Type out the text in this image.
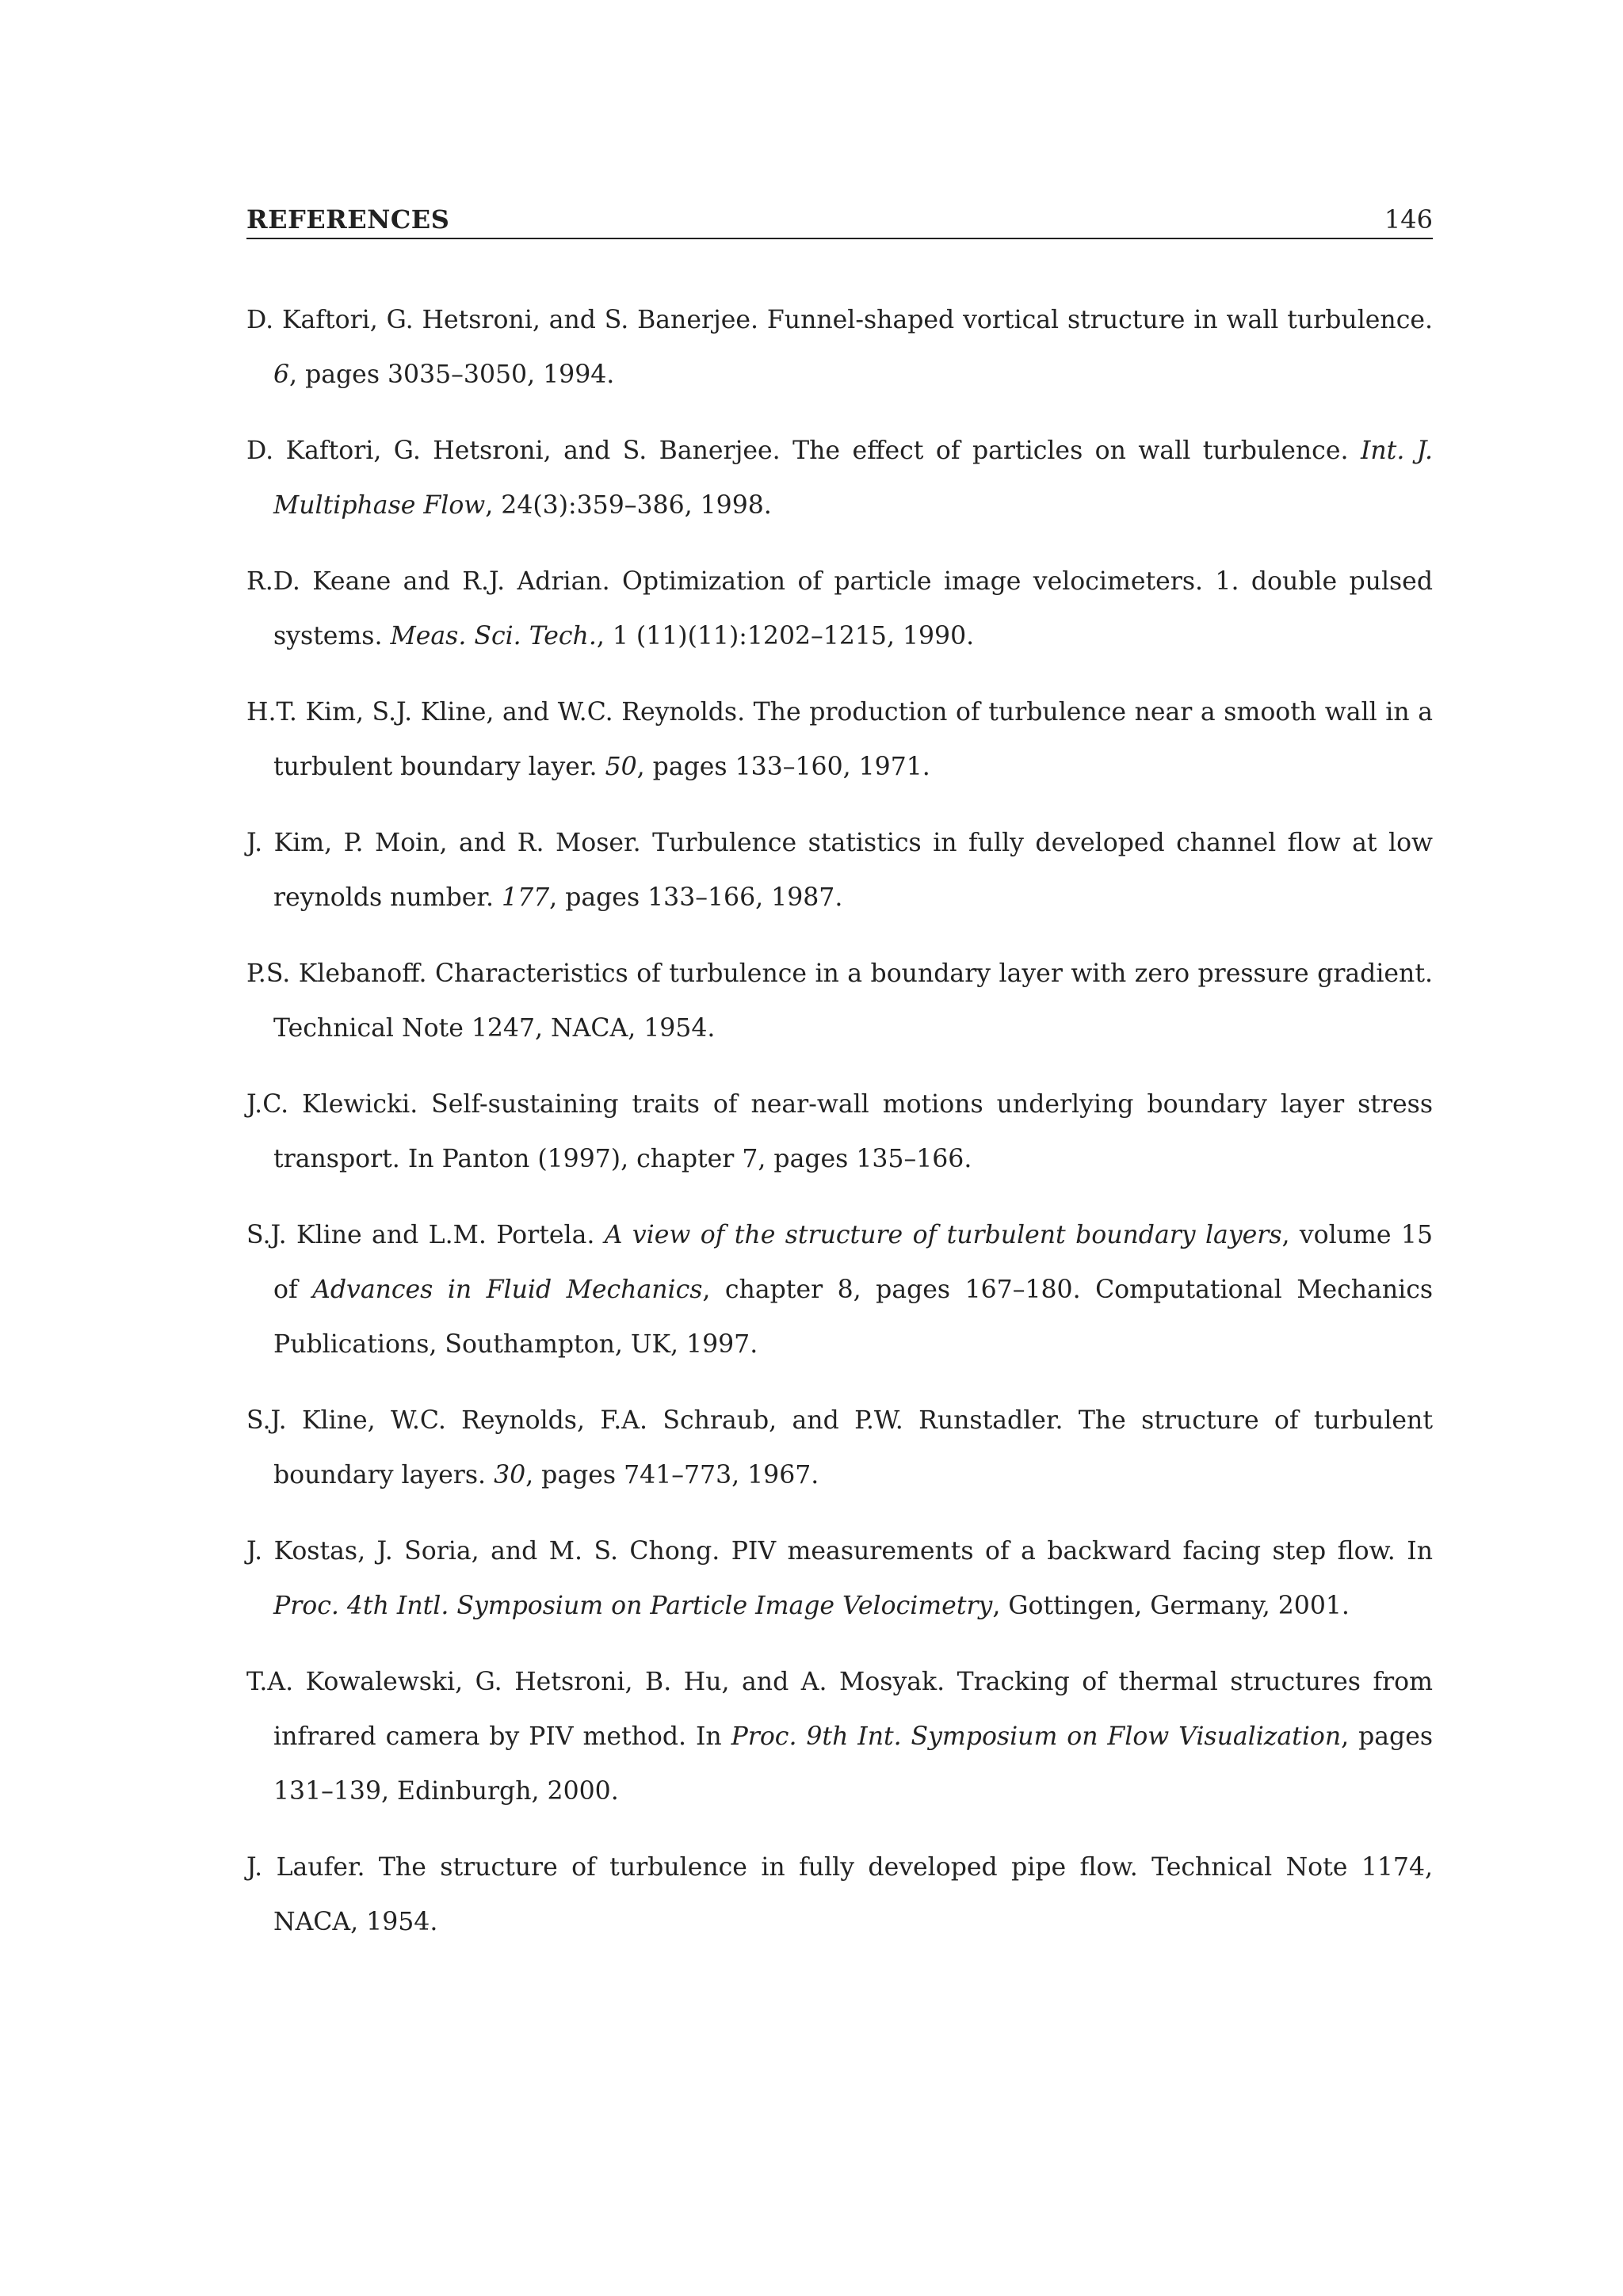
REFERENCES	146
D. Kaftori, G. Hetsroni, and S. Banerjee. Funnel-shaped vortical structure in wall turbulence. 6, pages 3035–3050, 1994.
D. Kaftori, G. Hetsroni, and S. Banerjee. The effect of particles on wall turbulence. Int. J. Multiphase Flow, 24(3):359–386, 1998.
R.D. Keane and R.J. Adrian. Optimization of particle image velocimeters. 1. double pulsed systems. Meas. Sci. Tech., 1 (11)(11):1202–1215, 1990.
H.T. Kim, S.J. Kline, and W.C. Reynolds. The production of turbulence near a smooth wall in a turbulent boundary layer. 50, pages 133–160, 1971.
J. Kim, P. Moin, and R. Moser. Turbulence statistics in fully developed channel flow at low reynolds number. 177, pages 133–166, 1987.
P.S. Klebanoff. Characteristics of turbulence in a boundary layer with zero pressure gradient. Technical Note 1247, NACA, 1954.
J.C. Klewicki. Self-sustaining traits of near-wall motions underlying boundary layer stress transport. In Panton (1997), chapter 7, pages 135–166.
S.J. Kline and L.M. Portela. A view of the structure of turbulent boundary layers, volume 15 of Advances in Fluid Mechanics, chapter 8, pages 167–180. Computational Mechanics Publications, Southampton, UK, 1997.
S.J. Kline, W.C. Reynolds, F.A. Schraub, and P.W. Runstadler. The structure of turbulent boundary layers. 30, pages 741–773, 1967.
J. Kostas, J. Soria, and M. S. Chong. PIV measurements of a backward facing step flow. In Proc. 4th Intl. Symposium on Particle Image Velocimetry, Gottingen, Germany, 2001.
T.A. Kowalewski, G. Hetsroni, B. Hu, and A. Mosyak. Tracking of thermal structures from infrared camera by PIV method. In Proc. 9th Int. Symposium on Flow Visualization, pages 131–139, Edinburgh, 2000.
J. Laufer. The structure of turbulence in fully developed pipe flow. Technical Note 1174, NACA, 1954.
